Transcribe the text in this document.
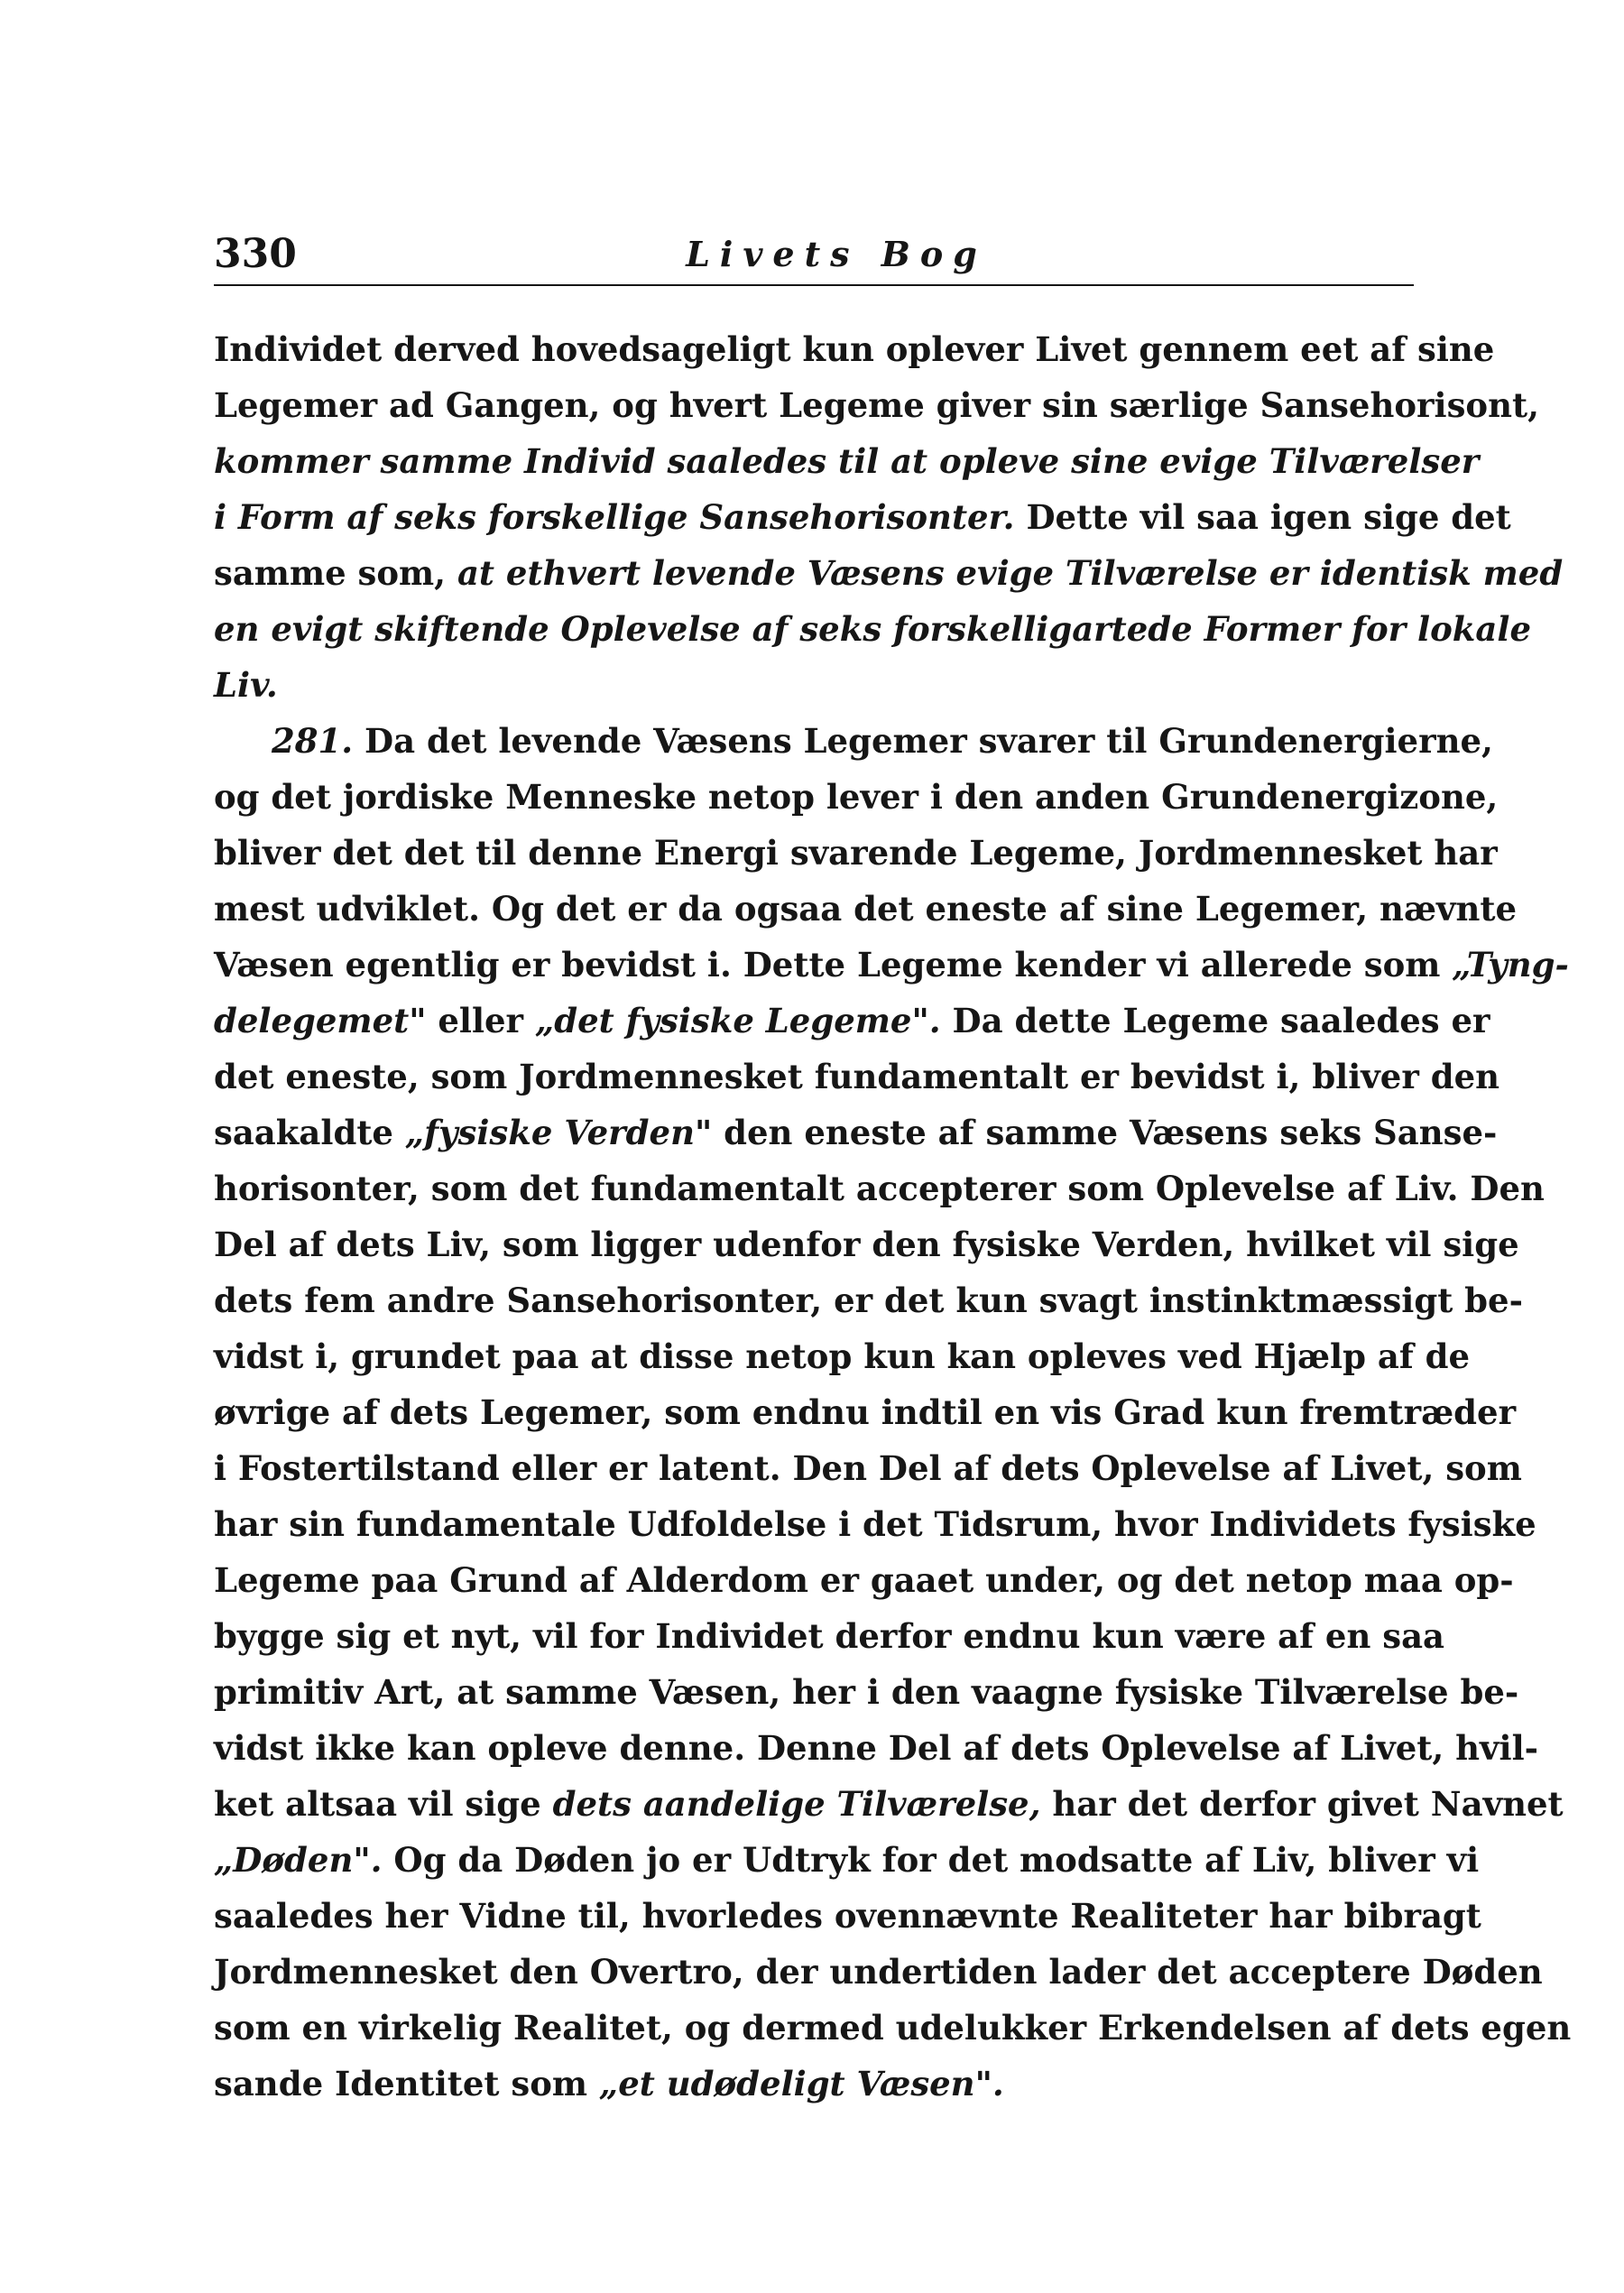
330	Livets Bog
Individet derved hovedsageligt kun oplever Livet gennem eet af sine
Legemer ad Gangen, og hvert Legeme giver sin særlige Sansehorisont,
kommer samme Individ saaledes til at opleve sine evige Tilværelser
i Form af seks forskellige Sansehorisonter. Dette vil saa igen sige det
samme som, at ethvert levende Væsens evige Tilværelse er identisk med
en evigt skiftende Oplevelse af seks forskelligartede Former for lokale
Liv.
281. Da det levende Væsens Legemer svarer til Grundenergierne,
og det jordiske Menneske netop lever i den anden Grundenergizone,
bliver det det til denne Energi svarende Legeme, Jordmennesket har
mest udviklet. Og det er da ogsaa det eneste af sine Legemer, nævnte
Væsen egentlig er bevidst i. Dette Legeme kender vi allerede som „Tyng-
delegemet" eller „det fysiske Legeme". Da dette Legeme saaledes er
det eneste, som Jordmennesket fundamentalt er bevidst i, bliver den
saakaldte „fysiske Verden" den eneste af samme Væsens seks Sanse-
horisonter, som det fundamentalt accepterer som Oplevelse af Liv. Den
Del af dets Liv, som ligger udenfor den fysiske Verden, hvilket vil sige
dets fem andre Sansehorisonter, er det kun svagt instinktmæssigt be-
vidst i, grundet paa at disse netop kun kan opleves ved Hjælp af de
øvrige af dets Legemer, som endnu indtil en vis Grad kun fremtræder
i Fostertilstand eller er latent. Den Del af dets Oplevelse af Livet, som
har sin fundamentale Udfoldelse i det Tidsrum, hvor Individets fysiske
Legeme paa Grund af Alderdom er gaaet under, og det netop maa op-
bygge sig et nyt, vil for Individet derfor endnu kun være af en saa
primitiv Art, at samme Væsen, her i den vaagne fysiske Tilværelse be-
vidst ikke kan opleve denne. Denne Del af dets Oplevelse af Livet, hvil-
ket altsaa vil sige dets aandelige Tilværelse, har det derfor givet Navnet
„Døden". Og da Døden jo er Udtryk for det modsatte af Liv, bliver vi
saaledes her Vidne til, hvorledes ovennævnte Realiteter har bibragt
Jordmennesket den Overtro, der undertiden lader det acceptere Døden
som en virkelig Realitet, og dermed udelukker Erkendelsen af dets egen
sande Identitet som „et udødeligt Væsen".
